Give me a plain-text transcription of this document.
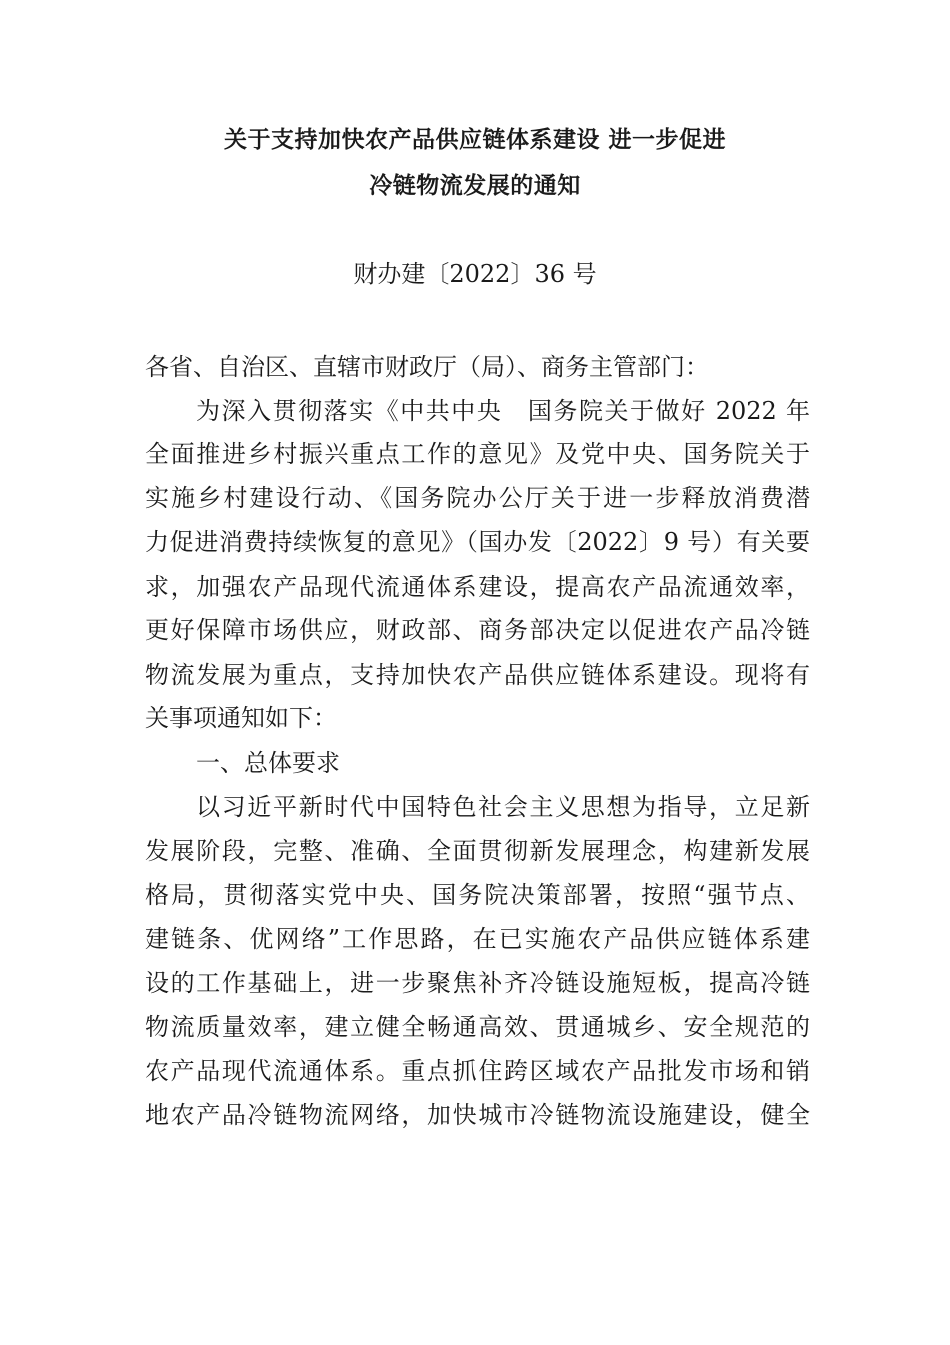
关于支持加快农产品供应链体系建设 进一步促进
冷链物流发展的通知
财办建〔2022〕36 号
各省、自治区、直辖市财政厅（局）、商务主管部门：
为深入贯彻落实《中共中央　国务院关于做好 2022 年
全面推进乡村振兴重点工作的意见》及党中央、国务院关于
实施乡村建设行动、《国务院办公厅关于进一步释放消费潜
力促进消费持续恢复的意见》（国办发〔2022〕9 号）有关要
求，加强农产品现代流通体系建设，提高农产品流通效率，
更好保障市场供应，财政部、商务部决定以促进农产品冷链
物流发展为重点，支持加快农产品供应链体系建设。现将有
关事项通知如下：
一、总体要求
以习近平新时代中国特色社会主义思想为指导，立足新
发展阶段，完整、准确、全面贯彻新发展理念，构建新发展
格局，贯彻落实党中央、国务院决策部署，按照“强节点、
建链条、优网络”工作思路，在已实施农产品供应链体系建
设的工作基础上，进一步聚焦补齐冷链设施短板，提高冷链
物流质量效率，建立健全畅通高效、贯通城乡、安全规范的
农产品现代流通体系。重点抓住跨区域农产品批发市场和销
地农产品冷链物流网络，加快城市冷链物流设施建设，健全
